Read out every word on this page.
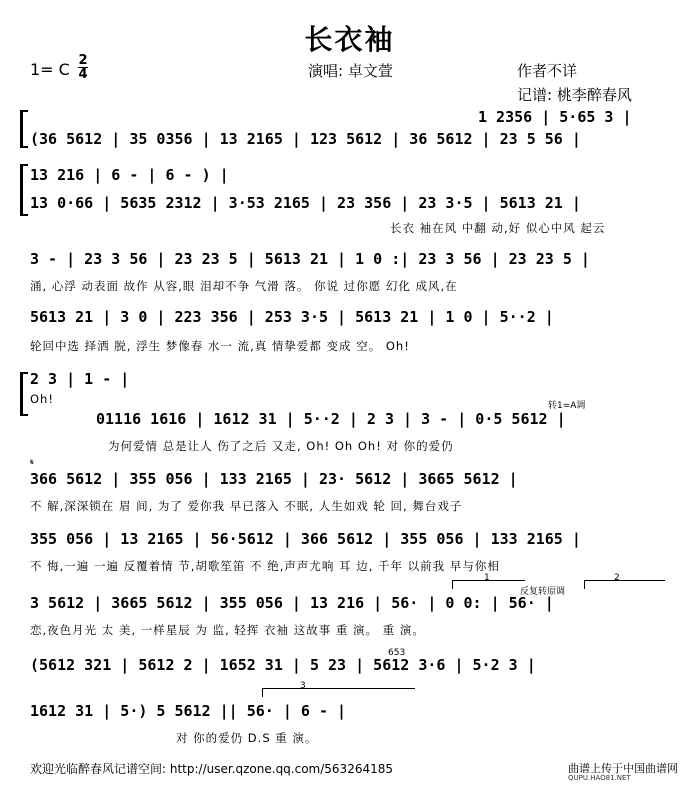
长衣袖
1= C 2
4	演唱: 卓文萱	作者不详
记谱: 桃李醉春风
1 2356 | 5·65 3 |
(36 5612 | 35 0356 | 13 2165 | 123 5612 | 36 5612 | 23 5 56 |
13 216 | 6 - | 6 - ) |
13 0·66 | 5635 2312 | 3·53 2165 | 23 356 | 23 3·5 | 5613 21 |
长衣 袖在风 中翻 动,好 似心中风 起云
3 - | 23 3 56 | 23 23 5 | 5613 21 | 1 0 :| 23 3 56 | 23 23 5 |
涌, 心浮 动表面 故作 从容,眼 泪却不争 气滑 落。 你说 过你愿 幻化 成风,在
5613 21 | 3 0 | 223 356 | 253 3·5 | 5613 21 | 1 0 | 5··2 |
轮回中选 择洒 脱, 浮生 梦像春 水一 流,真 情挚爱都 变成 空。 Oh!
2 3 | 1 - |
Oh!	转1=A调
01116 1616 | 1612 31 | 5··2 | 2 3 | 3 - | 0·5 5612 |
为何爱情 总是让人 伤了之后 又走, Oh! Oh Oh! 对 你的爱仍
𝄋
366 5612 | 355 056 | 133 2165 | 23· 5612 | 3665 5612 |
不 解,深深锁在 眉 间, 为了 爱你我 早已落入 不眠, 人生如戏 轮 回, 舞台戏子
355 056 | 13 2165 | 56·5612 | 366 5612 | 355 056 | 133 2165 |
不 悔,一遍 一遍 反覆着情 节,胡歌笙笛 不 绝,声声尤响 耳 边, 千年 以前我 早与你相
1	2
反复转原调
3 5612 | 3665 5612 | 355 056 | 13 216 | 56· | 0 0: | 56· |
恋,夜色月光 太 美, 一样星辰 为 监, 轻挥 衣袖 这故事 重 演。 重 演。
653
(5612 321 | 5612 2 | 1652 31 | 5 23 | 5612 3·6 | 5·2 3 |
3
1612 31 | 5·) 5 5612 || 56· | 6 - |
对 你的爱仍 D.S 重 演。
欢迎光临醉春风记谱空间: http://user.qzone.qq.com/563264185	曲谱上传于中国曲谱网
QUPU.HAO81.NET
